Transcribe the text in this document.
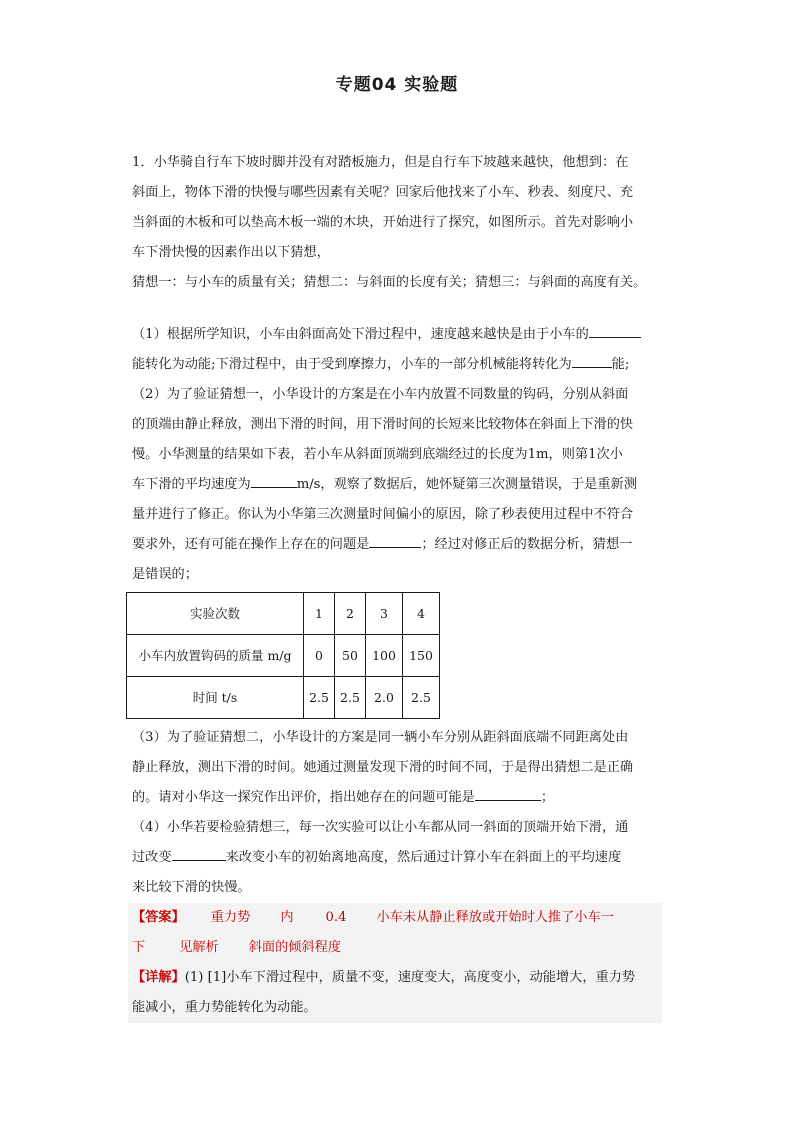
专题04 实验题

1．小华骑自行车下坡时脚并没有对踏板施力，但是自行车下坡越来越快，他想到：在

斜面上，物体下滑的快慢与哪些因素有关呢？回家后他找来了小车、秒表、刻度尺、充

当斜面的木板和可以垫高木板一端的木块，开始进行了探究，如图所示。首先对影响小

车下滑快慢的因素作出以下猜想，

猜想一：与小车的质量有关；猜想二：与斜面的长度有关；猜想三：与斜面的高度有关。

（1）根据所学知识，小车由斜面高处下滑过程中，速度越来越快是由于小车的

能转化为动能;下滑过程中，由于受到摩擦力，小车的一部分机械能将转化为	能;

（2）为了验证猜想一，小华设计的方案是在小车内放置不同数量的钩码，分别从斜面

的顶端由静止释放，测出下滑的时间，用下滑时间的长短来比较物体在斜面上下滑的快

慢。小华测量的结果如下表，若小车从斜面顶端到底端经过的长度为1m，则第1次小

车下滑的平均速度为	m/s，观察了数据后，她怀疑第三次测量错误，于是重新测

量并进行了修正。你认为小华第三次测量时间偏小的原因，除了秒表使用过程中不符合

要求外，还有可能在操作上存在的问题是	；经过对修正后的数据分析，猜想一

是错误的；

实验次数	1	2	3	4
小车内放置钩码的质量 m/g	0	50	100	150
时间 t/s	2.5	2.5	2.0	2.5

（3）为了验证猜想二，小华设计的方案是同一辆小车分别从距斜面底端不同距离处由

静止释放，测出下滑的时间。她通过测量发现下滑的时间不同，于是得出猜想二是正确

的。请对小华这一探究作出评价，指出她存在的问题可能是	；

（4）小华若要检验猜想三，每一次实验可以让小车都从同一斜面的顶端开始下滑，通

过改变	来改变小车的初始离地高度，然后通过计算小车在斜面上的平均速度

来比较下滑的快慢。

【答案】 重力势 内 0.4 小车未从静止释放或开始时人推了小车一

下	见解析 斜面的倾斜程度

【详解】(1) [1]小车下滑过程中，质量不变，速度变大，高度变小，动能增大，重力势

能减小，重力势能转化为动能。
